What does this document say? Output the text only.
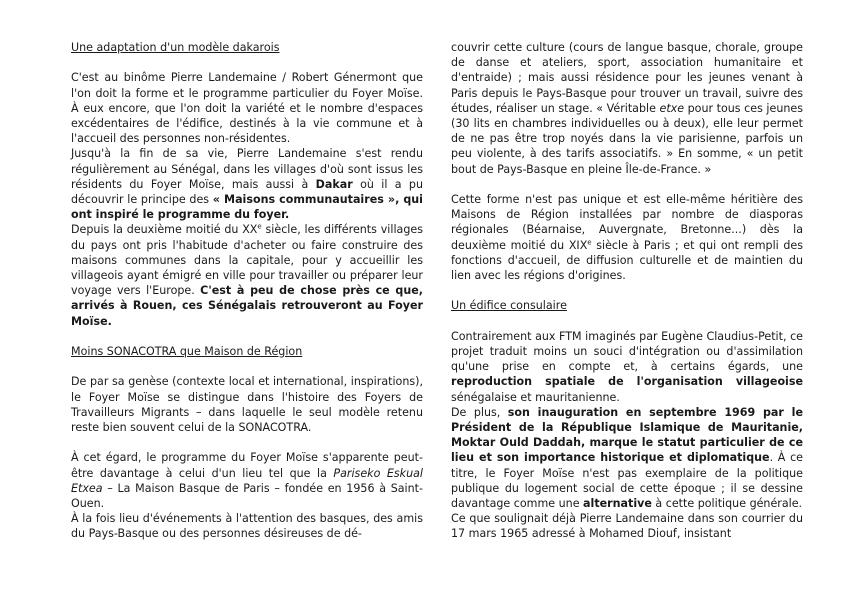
Une adaptation d'un modèle dakarois

C'est au binôme Pierre Landemaine / Robert Génermont que l'on doit la forme et le programme particulier du Foyer Moïse. À eux encore, que l'on doit la variété et le nombre d'espaces excédentaires de l'édifice, destinés à la vie commune et à l'accueil des personnes non-résidentes.

Jusqu'à la fin de sa vie, Pierre Landemaine s'est rendu régulièrement au Sénégal, dans les villages d'où sont issus les résidents du Foyer Moïse, mais aussi à Dakar où il a pu découvrir le principe des « Maisons communautaires », qui ont inspiré le programme du foyer.

Depuis la deuxième moitié du XXe siècle, les différents villages du pays ont pris l'habitude d'acheter ou faire construire des maisons communes dans la capitale, pour y accueillir les villageois ayant émigré en ville pour travailler ou préparer leur voyage vers l'Europe. C'est à peu de chose près ce que, arrivés à Rouen, ces Sénégalais retrouveront au Foyer Moïse.

Moins SONACOTRA que Maison de Région

De par sa genèse (contexte local et international, inspirations), le Foyer Moïse se distingue dans l'histoire des Foyers de Travailleurs Migrants – dans laquelle le seul modèle retenu reste bien souvent celui de la SONACOTRA.

À cet égard, le programme du Foyer Moïse s'apparente peut-être davantage à celui d'un lieu tel que la Pariseko Eskual Etxea – La Maison Basque de Paris – fondée en 1956 à Saint-Ouen.

À la fois lieu d'événements à l'attention des basques, des amis du Pays-Basque ou des personnes désireuses de dé-

couvrir cette culture (cours de langue basque, chorale, groupe de danse et ateliers, sport, association humanitaire et d'entraide) ; mais aussi résidence pour les jeunes venant à Paris depuis le Pays-Basque pour trouver un travail, suivre des études, réaliser un stage. « Véritable etxe pour tous ces jeunes (30 lits en chambres individuelles ou à deux), elle leur permet de ne pas être trop noyés dans la vie parisienne, parfois un peu violente, à des tarifs associatifs. » En somme, « un petit bout de Pays-Basque en pleine Île-de-France. »

Cette forme n'est pas unique et est elle-même héritière des Maisons de Région installées par nombre de diasporas régionales (Béarnaise, Auvergnate, Bretonne...) dès la deuxième moitié du XIXe siècle à Paris ; et qui ont rempli des fonctions d'accueil, de diffusion culturelle et de maintien du lien avec les régions d'origines.

Un édifice consulaire

Contrairement aux FTM imaginés par Eugène Claudius-Petit, ce projet traduit moins un souci d'intégration ou d'assimilation qu'une prise en compte et, à certains égards, une reproduction spatiale de l'organisation villageoise sénégalaise et mauritanienne.

De plus, son inauguration en septembre 1969 par le Président de la République Islamique de Mauritanie, Moktar Ould Daddah, marque le statut particulier de ce lieu et son importance historique et diplomatique. À ce titre, le Foyer Moïse n'est pas exemplaire de la politique publique du logement social de cette époque ; il se dessine davantage comme une alternative à cette politique générale.

Ce que soulignait déjà Pierre Landemaine dans son courrier du 17 mars 1965 adressé à Mohamed Diouf, insistant
